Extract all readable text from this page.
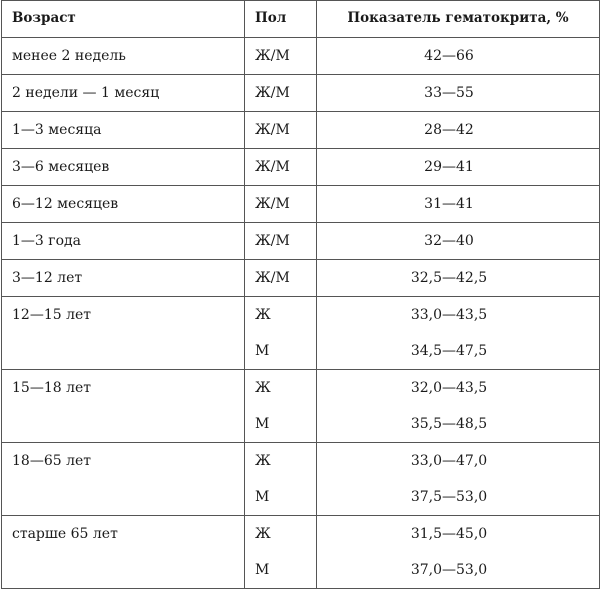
Возраст	Пол	Показатель гематокрита, %
менее 2 недель	Ж/М	42—66
2 недели — 1 месяц	Ж/М	33—55
1—3 месяца	Ж/М	28—42
3—6 месяцев	Ж/М	29—41
6—12 месяцев	Ж/М	31—41
1—3 года	Ж/М	32—40
3—12 лет	Ж/М	32,5—42,5
12—15 лет	Ж	33,0—43,5
	М	34,5—47,5
15—18 лет	Ж	32,0—43,5
	М	35,5—48,5
18—65 лет	Ж	33,0—47,0
	М	37,5—53,0
старше 65 лет	Ж	31,5—45,0
	М	37,0—53,0
